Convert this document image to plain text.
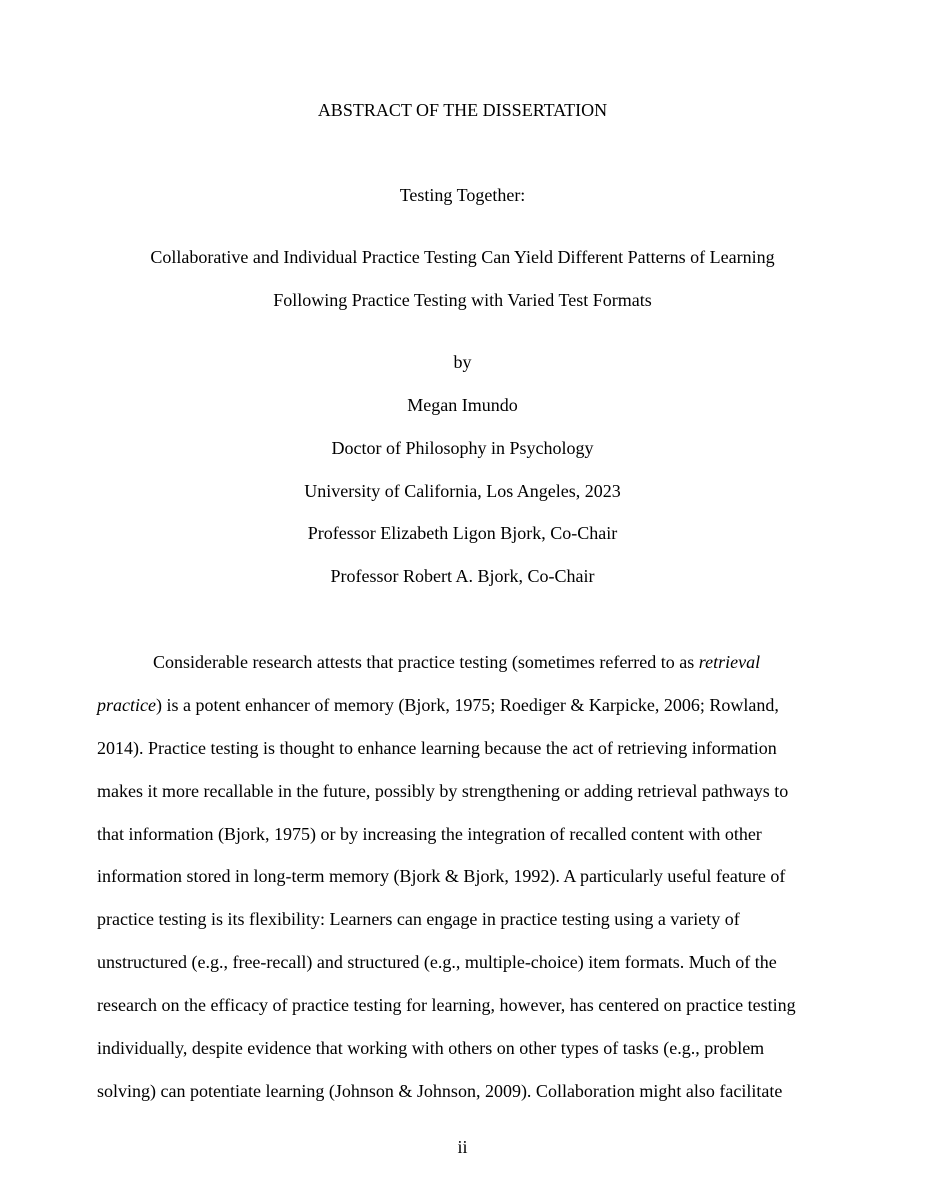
ABSTRACT OF THE DISSERTATION
Testing Together:
Collaborative and Individual Practice Testing Can Yield Different Patterns of Learning
Following Practice Testing with Varied Test Formats
by
Megan Imundo
Doctor of Philosophy in Psychology
University of California, Los Angeles, 2023
Professor Elizabeth Ligon Bjork, Co-Chair
Professor Robert A. Bjork, Co-Chair
Considerable research attests that practice testing (sometimes referred to as retrieval
practice) is a potent enhancer of memory (Bjork, 1975; Roediger & Karpicke, 2006; Rowland,
2014). Practice testing is thought to enhance learning because the act of retrieving information
makes it more recallable in the future, possibly by strengthening or adding retrieval pathways to
that information (Bjork, 1975) or by increasing the integration of recalled content with other
information stored in long-term memory (Bjork & Bjork, 1992). A particularly useful feature of
practice testing is its flexibility: Learners can engage in practice testing using a variety of
unstructured (e.g., free-recall) and structured (e.g., multiple-choice) item formats. Much of the
research on the efficacy of practice testing for learning, however, has centered on practice testing
individually, despite evidence that working with others on other types of tasks (e.g., problem
solving) can potentiate learning (Johnson & Johnson, 2009). Collaboration might also facilitate
ii
